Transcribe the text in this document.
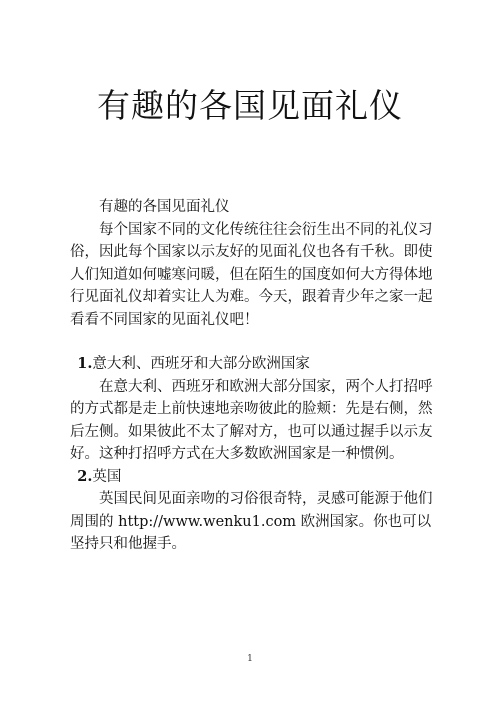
有趣的各国见面礼仪

有趣的各国见面礼仪

每个国家不同的文化传统往往会衍生出不同的礼仪习俗，因此每个国家以示友好的见面礼仪也各有千秋。即使人们知道如何嘘寒问暖，但在陌生的国度如何大方得体地行见面礼仪却着实让人为难。今天，跟着青少年之家一起看看不同国家的见面礼仪吧！

1.意大利、西班牙和大部分欧洲国家

在意大利、西班牙和欧洲大部分国家，两个人打招呼的方式都是走上前快速地亲吻彼此的脸颊：先是右侧，然后左侧。如果彼此不太了解对方，也可以通过握手以示友好。这种打招呼方式在大多数欧洲国家是一种惯例。

2.英国

英国民间见面亲吻的习俗很奇特，灵感可能源于他们周围的 http://www.wenku1.com 欧洲国家。你也可以坚持只和他握手。

1
